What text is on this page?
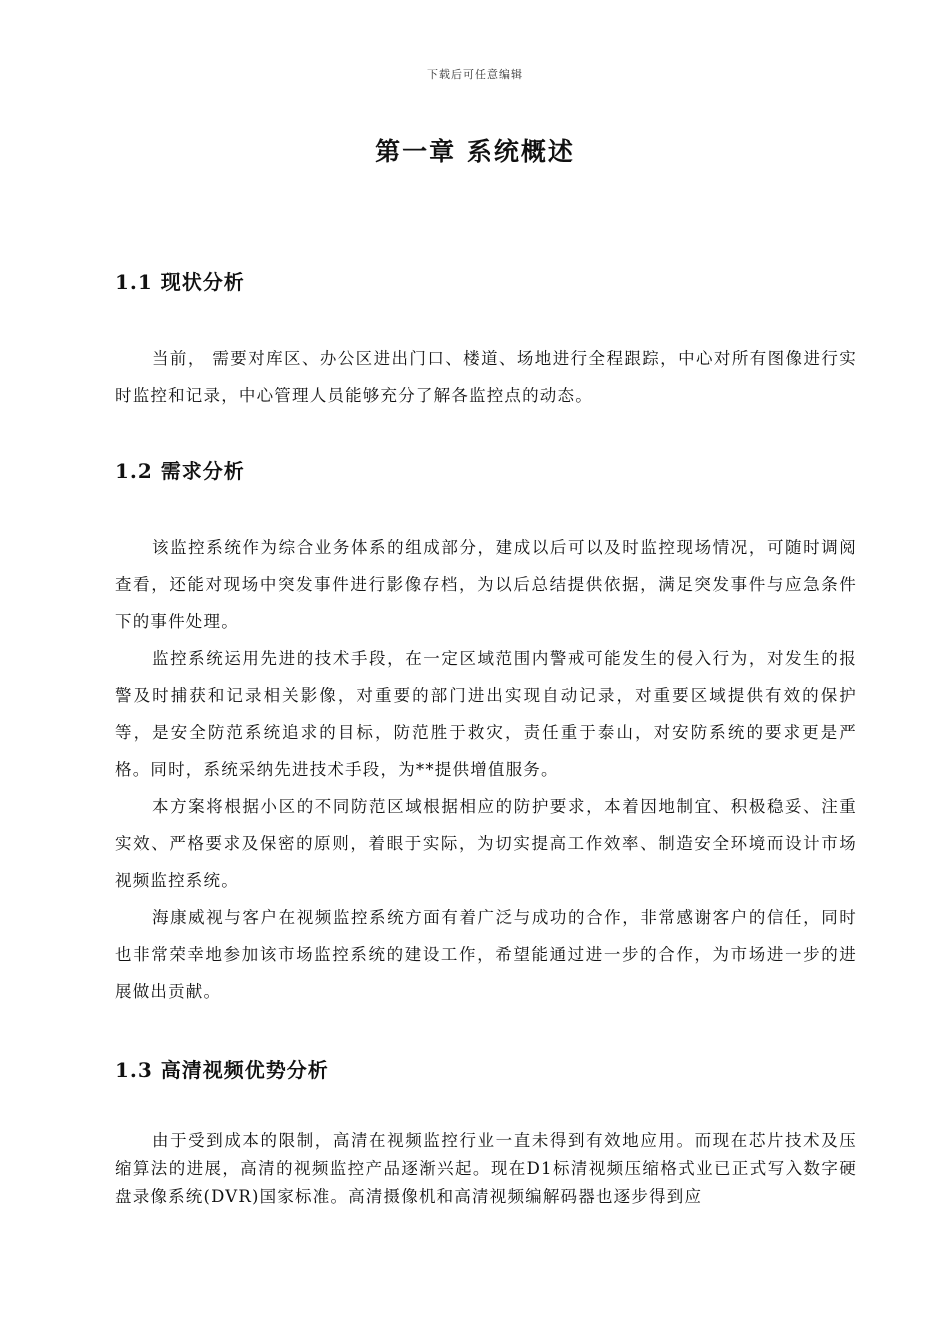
下载后可任意编辑
第一章 系统概述
1.1 现状分析

当前， 需要对库区、办公区进出门口、楼道、场地进行全程跟踪，中心对所有图像进行实时监控和记录，中心管理人员能够充分了解各监控点的动态。

1.2 需求分析

该监控系统作为综合业务体系的组成部分，建成以后可以及时监控现场情况，可随时调阅查看，还能对现场中突发事件进行影像存档，为以后总结提供依据，满足突发事件与应急条件下的事件处理。

监控系统运用先进的技术手段，在一定区域范围内警戒可能发生的侵入行为，对发生的报警及时捕获和记录相关影像，对重要的部门进出实现自动记录，对重要区域提供有效的保护等，是安全防范系统追求的目标，防范胜于救灾，责任重于泰山，对安防系统的要求更是严格。同时，系统采纳先进技术手段，为**提供增值服务。

本方案将根据小区的不同防范区域根据相应的防护要求，本着因地制宜、积极稳妥、注重实效、严格要求及保密的原则，着眼于实际，为切实提高工作效率、制造安全环境而设计市场视频监控系统。

海康威视与客户在视频监控系统方面有着广泛与成功的合作，非常感谢客户的信任，同时也非常荣幸地参加该市场监控系统的建设工作，希望能通过进一步的合作，为市场进一步的进展做出贡献。

1.3 高清视频优势分析

由于受到成本的限制，高清在视频监控行业一直未得到有效地应用。而现在芯片技术及压缩算法的进展，高清的视频监控产品逐渐兴起。现在D1标清视频压缩格式业已正式写入数字硬盘录像系统(DVR)国家标准。高清摄像机和高清视频编解码器也逐步得到应
